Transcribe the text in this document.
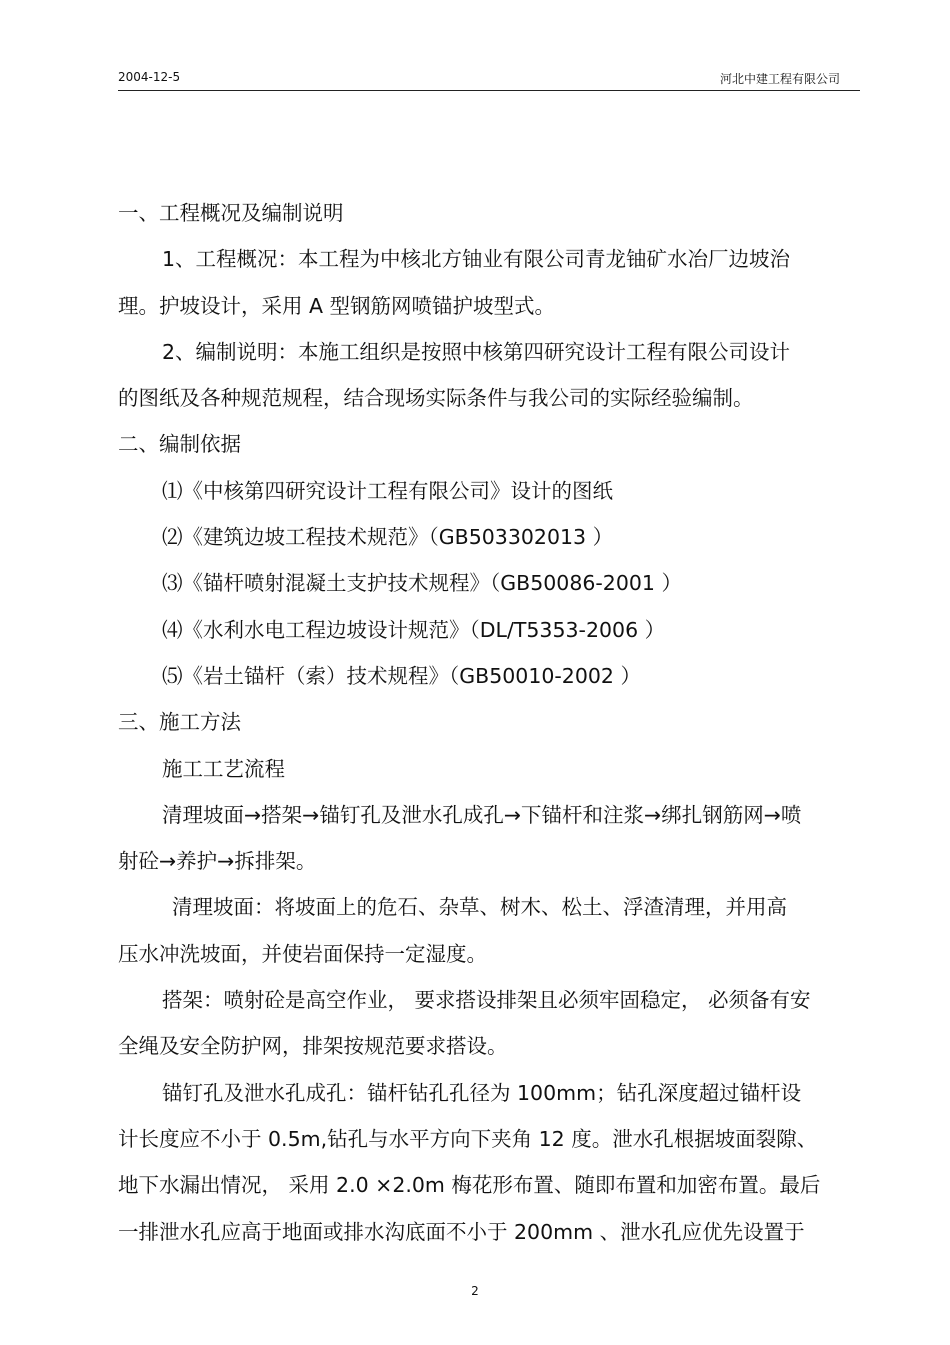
2004-12-5	河北中建工程有限公司
一、工程概况及编制说明
1、工程概况：本工程为中核北方铀业有限公司青龙铀矿水冶厂边坡治
理。护坡设计，采用 A 型钢筋网喷锚护坡型式。
2、编制说明：本施工组织是按照中核第四研究设计工程有限公司设计
的图纸及各种规范规程，结合现场实际条件与我公司的实际经验编制。
二、编制依据
⑴《中核第四研究设计工程有限公司》设计的图纸
⑵《建筑边坡工程技术规范》（GB503302013 ）
⑶《锚杆喷射混凝土支护技术规程》（GB50086-2001 ）
⑷《水利水电工程边坡设计规范》（DL/T5353-2006 ）
⑸《岩土锚杆（索）技术规程》（GB50010-2002 ）
三、施工方法
施工工艺流程
清理坡面→搭架→锚钉孔及泄水孔成孔→下锚杆和注浆→绑扎钢筋网→喷
射砼→养护→拆排架。
清理坡面：将坡面上的危石、杂草、树木、松土、浮渣清理，并用高
压水冲洗坡面，并使岩面保持一定湿度。
搭架：喷射砼是高空作业， 要求搭设排架且必须牢固稳定， 必须备有安
全绳及安全防护网，排架按规范要求搭设。
锚钉孔及泄水孔成孔：锚杆钻孔孔径为 100mm；钻孔深度超过锚杆设
计长度应不小于 0.5m,钻孔与水平方向下夹角 12 度。泄水孔根据坡面裂隙、
地下水漏出情况， 采用 2.0 ×2.0m 梅花形布置、随即布置和加密布置。最后
一排泄水孔应高于地面或排水沟底面不小于 200mm 、泄水孔应优先设置于
2
